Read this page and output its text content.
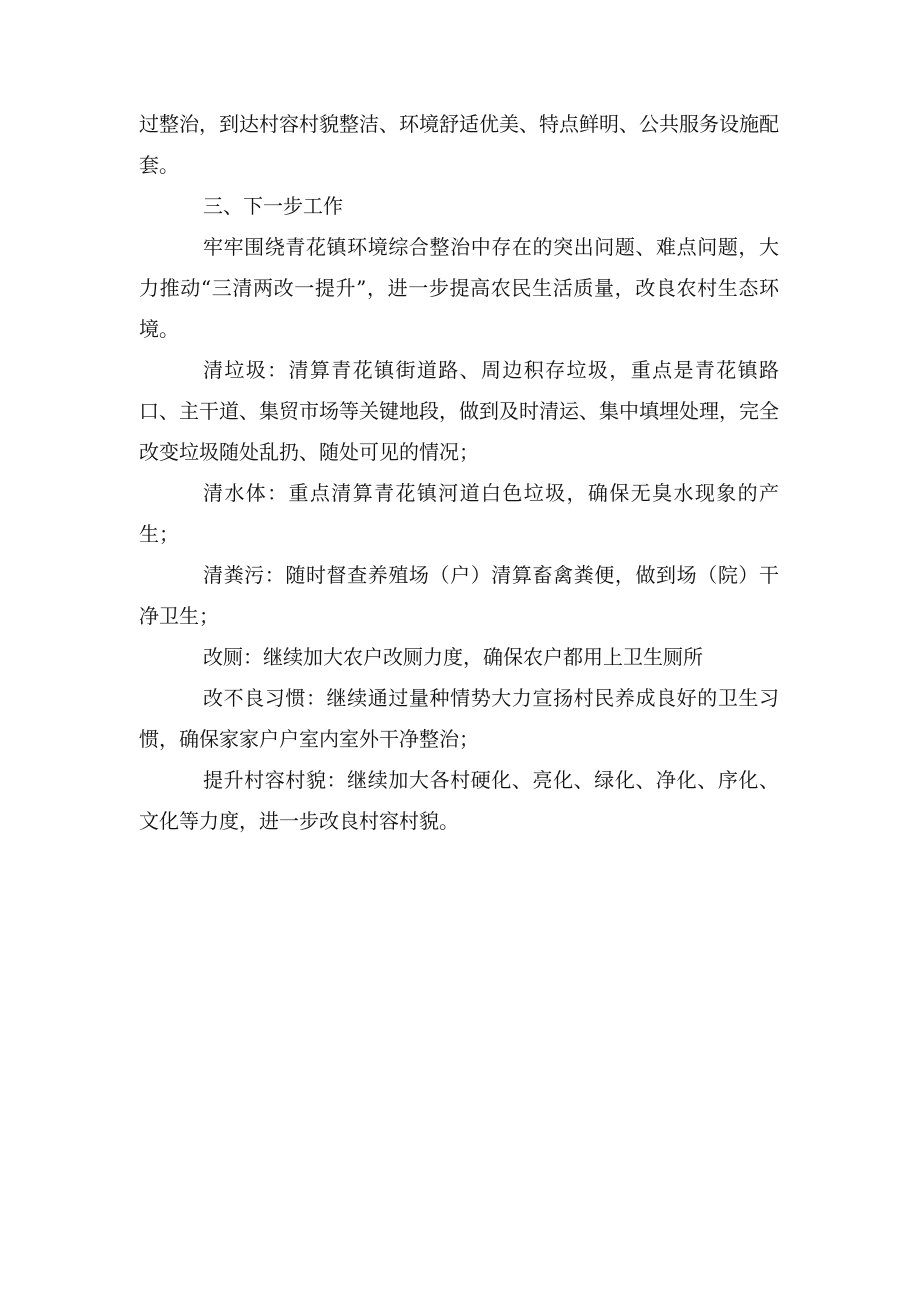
过整治，到达村容村貌整洁、环境舒适优美、特点鲜明、公共服务设施配套。

三、下一步工作

牢牢围绕青花镇环境综合整治中存在的突出问题、难点问题，大力推动“三清两改一提升”，进一步提高农民生活质量，改良农村生态环境。

清垃圾：清算青花镇街道路、周边积存垃圾，重点是青花镇路口、主干道、集贸市场等关键地段，做到及时清运、集中填埋处理，完全改变垃圾随处乱扔、随处可见的情况；

清水体：重点清算青花镇河道白色垃圾，确保无臭水现象的产生；

清粪污：随时督查养殖场（户）清算畜禽粪便，做到场（院）干净卫生；

改厕：继续加大农户改厕力度，确保农户都用上卫生厕所

改不良习惯：继续通过量种情势大力宣扬村民养成良好的卫生习惯，确保家家户户室内室外干净整治；

提升村容村貌：继续加大各村硬化、亮化、绿化、净化、序化、文化等力度，进一步改良村容村貌。
